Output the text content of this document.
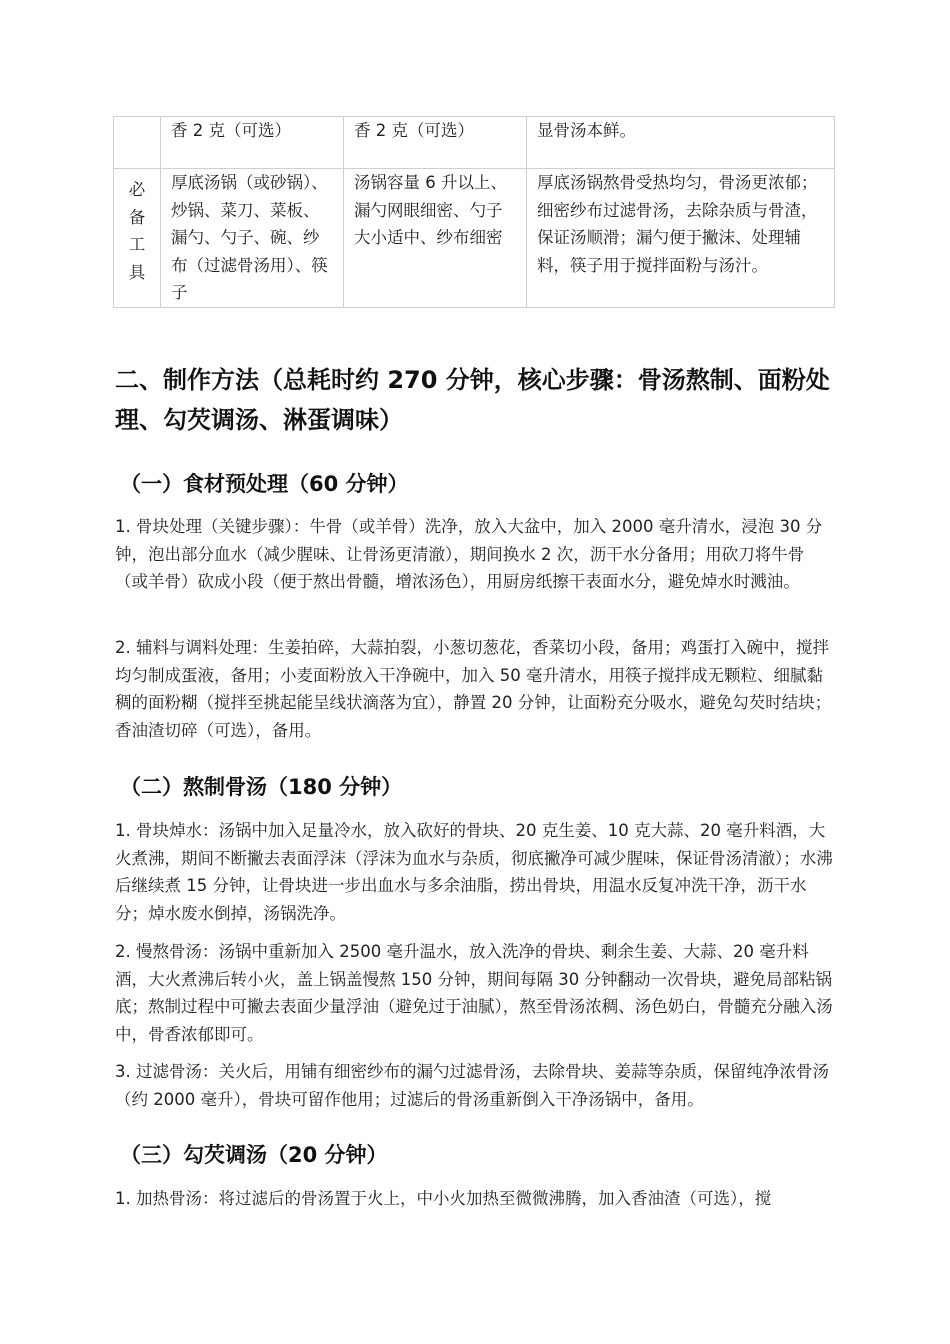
	香 2 克（可选）	香 2 克（可选）	显骨汤本鲜。

必
备
工
具	厚底汤锅（或砂锅）、炒锅、菜刀、菜板、漏勺、勺子、碗、纱布（过滤骨汤用）、筷子	汤锅容量 6 升以上、漏勺网眼细密、勺子大小适中、纱布细密	厚底汤锅熬骨受热均匀，骨汤更浓郁；细密纱布过滤骨汤，去除杂质与骨渣，保证汤顺滑；漏勺便于撇沫、处理辅料，筷子用于搅拌面粉与汤汁。
二、制作方法（总耗时约 270 分钟，核心步骤：骨汤熬制、面粉处理、勾芡调汤、淋蛋调味）
（一）食材预处理（60 分钟）

1. 骨块处理（关键步骤）：牛骨（或羊骨）洗净，放入大盆中，加入 2000 毫升清水，浸泡 30 分钟，泡出部分血水（减少腥味、让骨汤更清澈），期间换水 2 次，沥干水分备用；用砍刀将牛骨（或羊骨）砍成小段（便于熬出骨髓，增浓汤色），用厨房纸擦干表面水分，避免焯水时溅油。

2. 辅料与调料处理：生姜拍碎，大蒜拍裂，小葱切葱花，香菜切小段，备用；鸡蛋打入碗中，搅拌均匀制成蛋液，备用；小麦面粉放入干净碗中，加入 50 毫升清水，用筷子搅拌成无颗粒、细腻黏稠的面粉糊（搅拌至挑起能呈线状滴落为宜），静置 20 分钟，让面粉充分吸水，避免勾芡时结块；香油渣切碎（可选），备用。

（二）熬制骨汤（180 分钟）

1. 骨块焯水：汤锅中加入足量冷水，放入砍好的骨块、20 克生姜、10 克大蒜、20 毫升料酒，大火煮沸，期间不断撇去表面浮沫（浮沫为血水与杂质，彻底撇净可减少腥味，保证骨汤清澈）；水沸后继续煮 15 分钟，让骨块进一步出血水与多余油脂，捞出骨块，用温水反复冲洗干净，沥干水分；焯水废水倒掉，汤锅洗净。

2. 慢熬骨汤：汤锅中重新加入 2500 毫升温水，放入洗净的骨块、剩余生姜、大蒜、20 毫升料酒，大火煮沸后转小火，盖上锅盖慢熬 150 分钟，期间每隔 30 分钟翻动一次骨块，避免局部粘锅底；熬制过程中可撇去表面少量浮油（避免过于油腻），熬至骨汤浓稠、汤色奶白，骨髓充分融入汤中，骨香浓郁即可。

3. 过滤骨汤：关火后，用铺有细密纱布的漏勺过滤骨汤，去除骨块、姜蒜等杂质，保留纯净浓骨汤（约 2000 毫升），骨块可留作他用；过滤后的骨汤重新倒入干净汤锅中，备用。

（三）勾芡调汤（20 分钟）

1. 加热骨汤：将过滤后的骨汤置于火上，中小火加热至微微沸腾，加入香油渣（可选），搅
